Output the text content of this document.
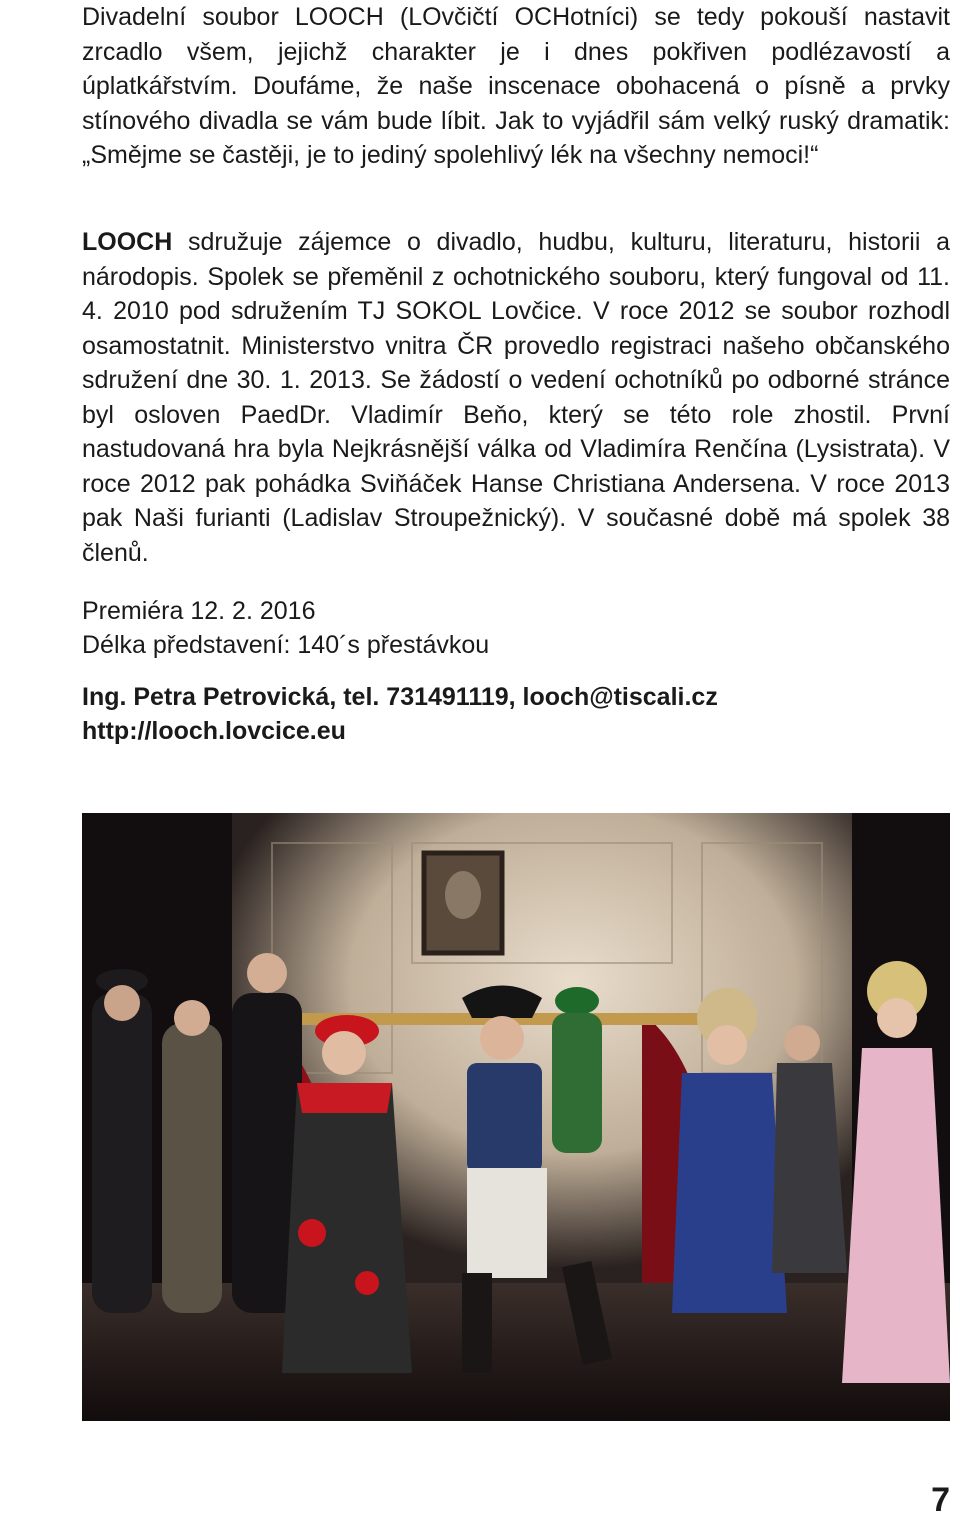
Divadelní soubor LOOCH (LOvčičtí OCHotníci) se tedy pokouší nastavit zrcadlo všem, jejichž charakter je i dnes pokřiven podlézavostí a úplatkářstvím. Doufáme, že naše inscenace obohacená o písně a prvky stínového divadla se vám bude líbit. Jak to vyjádřil sám velký ruský dramatik: „Smějme se častěji, je to jediný spolehlivý lék na všechny nemoci!“

LOOCH sdružuje zájemce o divadlo, hudbu, kulturu, literaturu, historii a národopis. Spolek se přeměnil z ochotnického souboru, který fungoval od 11. 4. 2010 pod sdružením TJ SOKOL Lovčice. V roce 2012 se soubor rozhodl osamostatnit. Ministerstvo vnitra ČR provedlo registraci našeho občanského sdružení dne 30. 1. 2013. Se žádostí o vedení ochotníků po odborné stránce byl osloven PaedDr. Vladimír Beňo, který se této role zhostil. První nastudovaná hra byla Nejkrásnější válka od Vladimíra Renčína (Lysistrata). V roce 2012 pak pohádka Sviňáček Hanse Christiana Andersena. V roce 2013 pak Naši furianti (Ladislav Stroupežnický). V současné době má spolek 38 členů.

Premiéra 12. 2. 2016
Délka představení: 140´s přestávkou
Ing. Petra Petrovická, tel. 731491119, looch@tiscali.cz
http://looch.lovcice.eu
7
